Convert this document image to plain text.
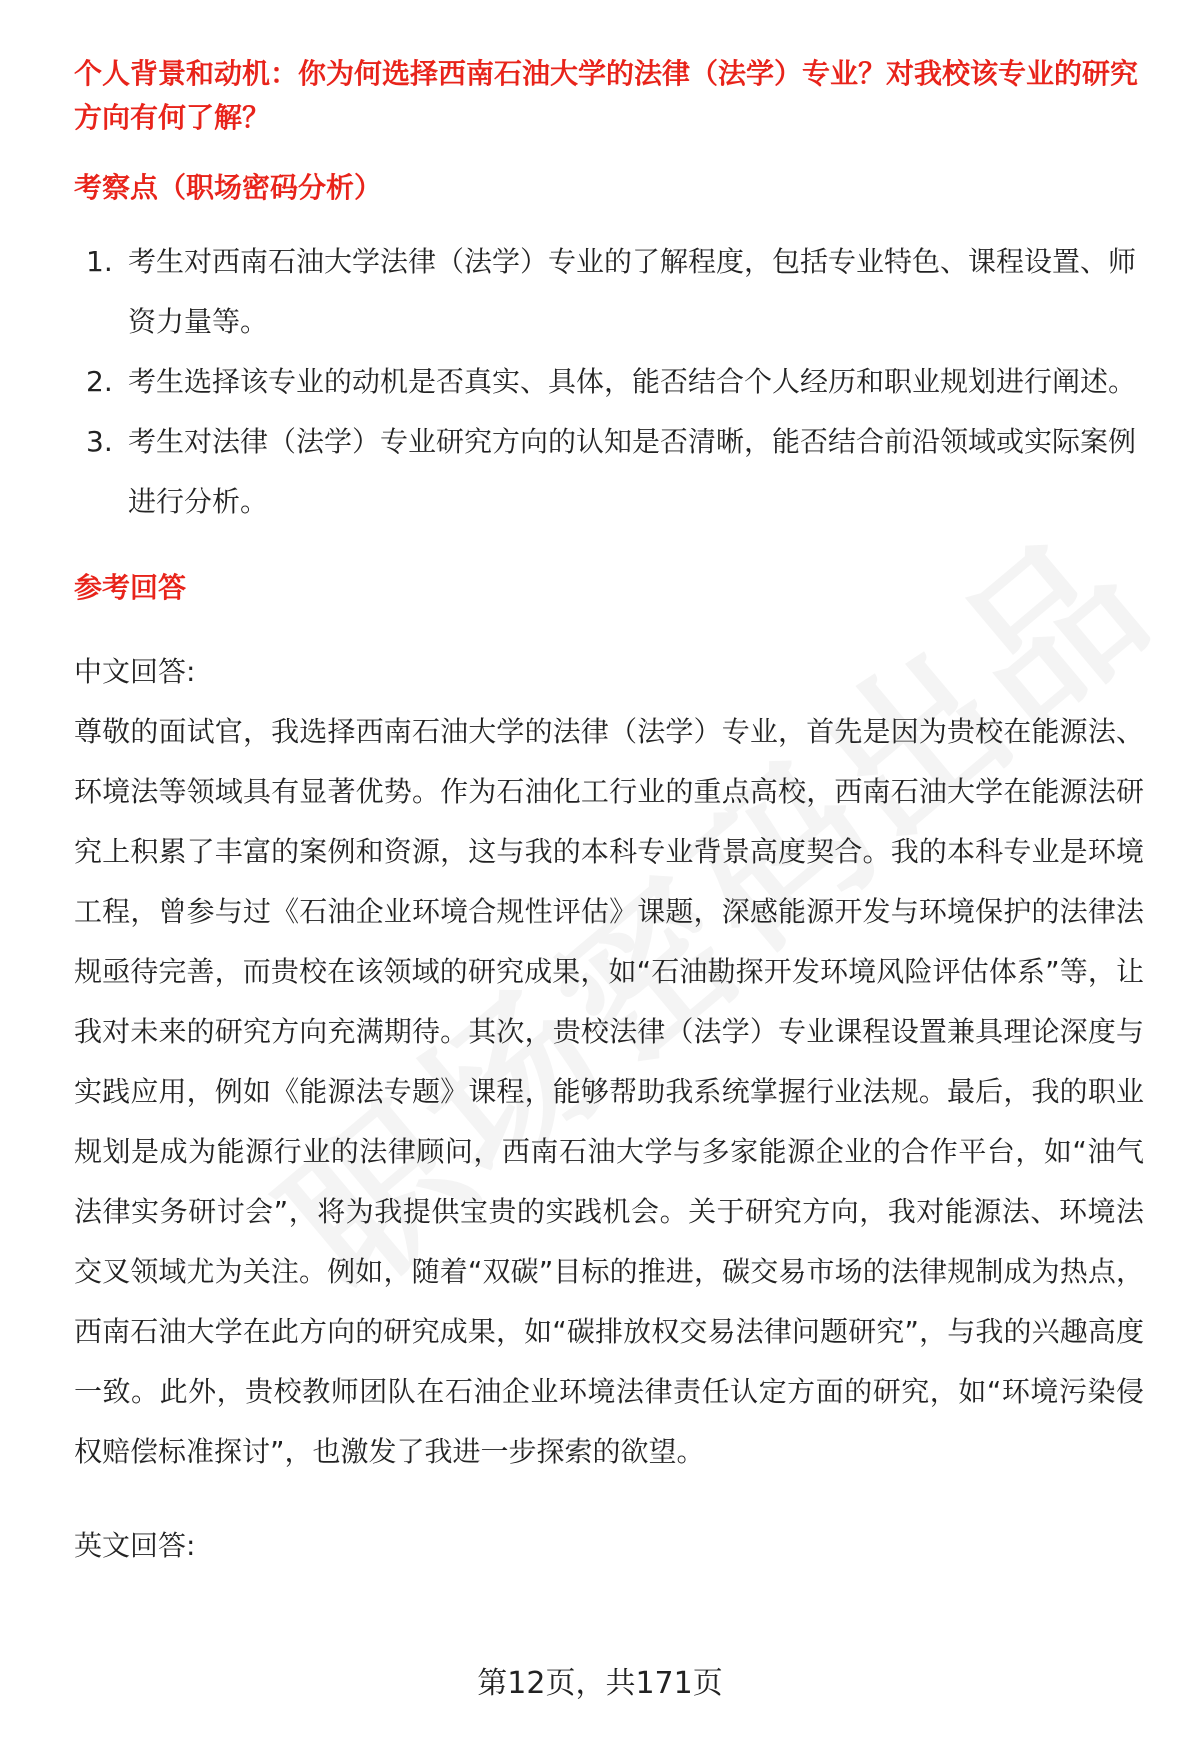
个人背景和动机：你为何选择西南石油大学的法律（法学）专业？对我校该专业的研究方向有何了解？

考察点（职场密码分析）

1. 考生对西南石油大学法律（法学）专业的了解程度，包括专业特色、课程设置、师资力量等。
2. 考生选择该专业的动机是否真实、具体，能否结合个人经历和职业规划进行阐述。
3. 考生对法律（法学）专业研究方向的认知是否清晰，能否结合前沿领域或实际案例进行分析。

参考回答

中文回答:

尊敬的面试官，我选择西南石油大学的法律（法学）专业，首先是因为贵校在能源法、环境法等领域具有显著优势。作为石油化工行业的重点高校，西南石油大学在能源法研究上积累了丰富的案例和资源，这与我的本科专业背景高度契合。我的本科专业是环境工程，曾参与过《石油企业环境合规性评估》课题，深感能源开发与环境保护的法律法规亟待完善，而贵校在该领域的研究成果，如“石油勘探开发环境风险评估体系”等，让我对未来的研究方向充满期待。其次，贵校法律（法学）专业课程设置兼具理论深度与实践应用，例如《能源法专题》课程，能够帮助我系统掌握行业法规。最后，我的职业规划是成为能源行业的法律顾问，西南石油大学与多家能源企业的合作平台，如“油气法律实务研讨会”，将为我提供宝贵的实践机会。关于研究方向，我对能源法、环境法交叉领域尤为关注。例如，随着“双碳”目标的推进，碳交易市场的法律规制成为热点，西南石油大学在此方向的研究成果，如“碳排放权交易法律问题研究”，与我的兴趣高度一致。此外，贵校教师团队在石油企业环境法律责任认定方面的研究，如“环境污染侵权赔偿标准探讨”，也激发了我进一步探索的欲望。

英文回答:

第12页，共171页
